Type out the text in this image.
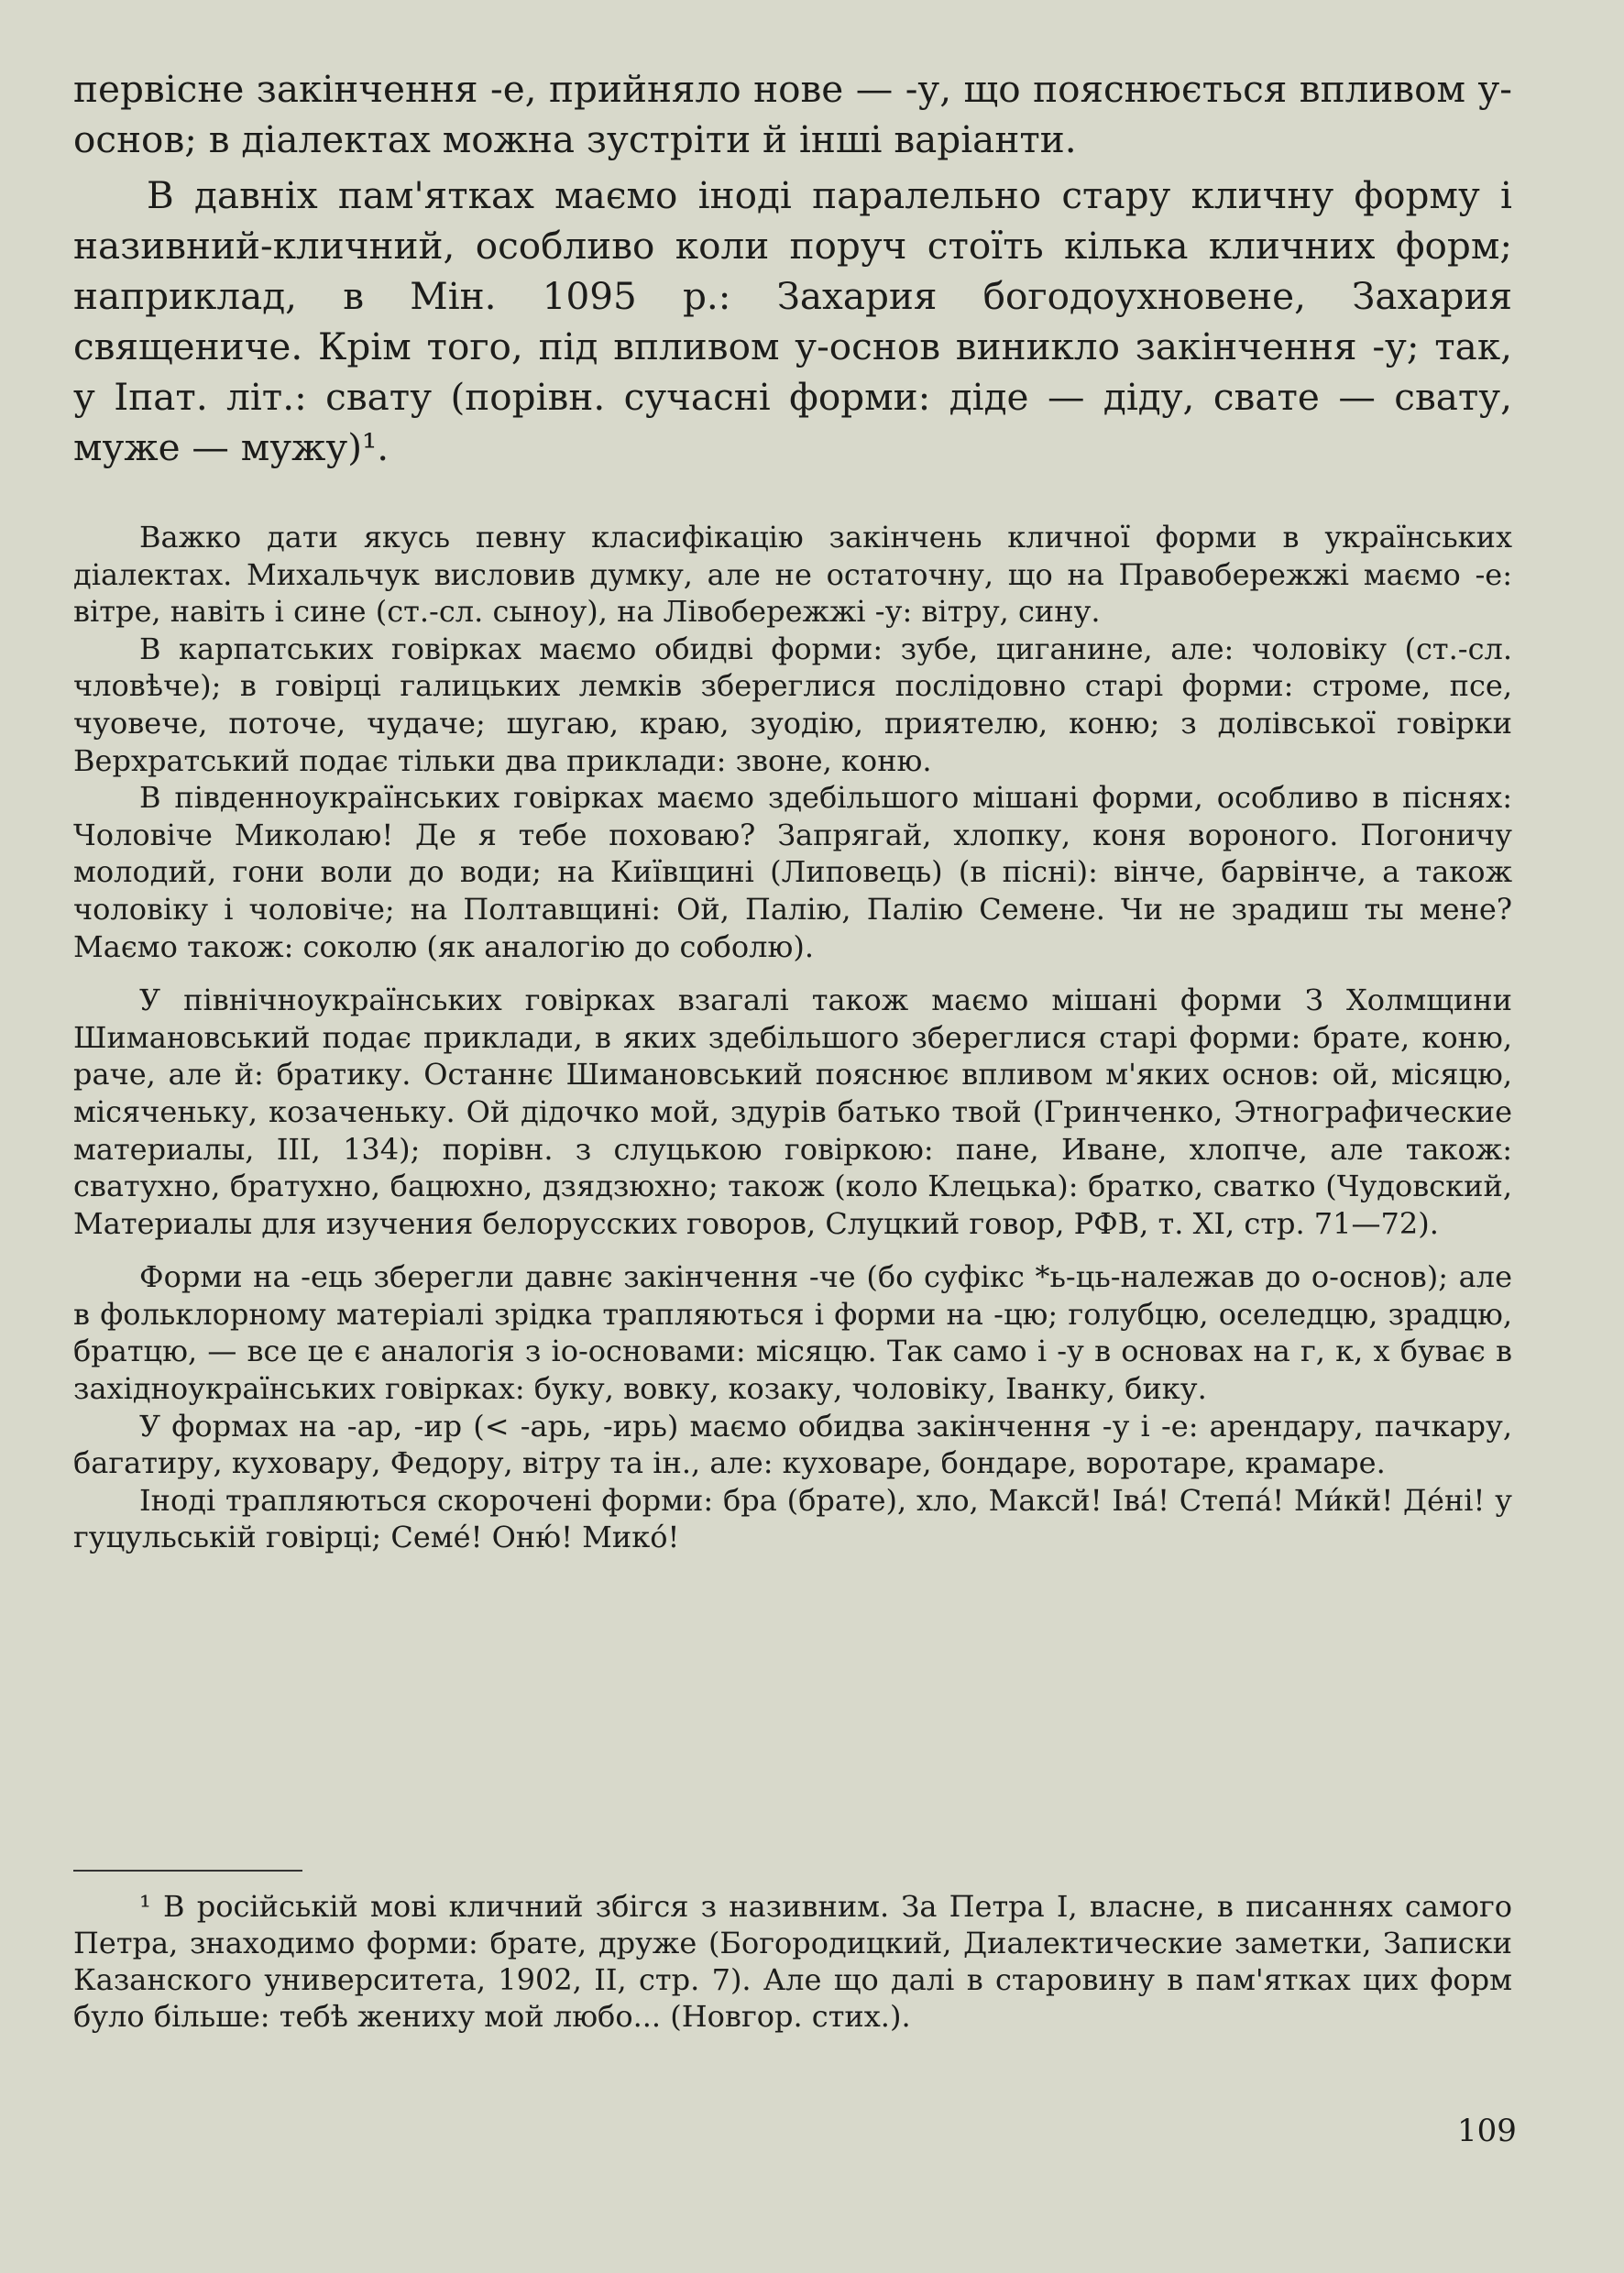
первісне закінчення -е, прийняло нове — -у, що пояснюється впливом у-основ; в діалектах можна зустріти й інші варіанти.

В давніх пам'ятках маємо іноді паралельно стару кличну форму і називний-кличний, особливо коли поруч стоїть кілька кличних форм; наприклад, в Мін. 1095 р.: Захария богодоухновене, Захария священиче. Крім того, під впливом у-основ виникло закінчення -у; так, у Іпат. літ.: свату (порівн. сучасні форми: діде — діду, свате — свату, муже — мужу)¹.

Важко дати якусь певну класифікацію закінчень кличної форми в українських діалектах. Михальчук висловив думку, але не остаточну, що на Правобережжі маємо -е: вітре, навіть і сине (ст.-сл. сыноу), на Лівобережжі -у: вітру, сину.

В карпатських говірках маємо обидві форми: зубе, циганине, але: чоловіку (ст.-сл. чловѣче); в говірці галицьких лемків збереглися послідовно старі форми: строме, псе, чуовече, поточе, чудаче; шугаю, краю, зуодію, приятелю, коню; з долівської говірки Верхратський подає тільки два приклади: звоне, коню.

В південноукраїнських говірках маємо здебільшого мішані форми, особливо в піснях: Чоловіче Миколаю! Де я тебе поховаю? Запрягай, хлопку, коня вороного. Погоничу молодий, гони воли до води; на Київщині (Липовець) (в пісні): вінче, барвінче, а також чоловіку і чоловіче; на Полтавщині: Ой, Палію, Палію Семене. Чи не зрадиш ты мене? Маємо також: соколю (як аналогію до соболю).

У північноукраїнських говірках взагалі також маємо мішані форми З Холмщини Шимановський подає приклади, в яких здебільшого збереглися старі форми: брате, коню, раче, але й: братику. Останнє Шимановський пояснює впливом м'яких основ: ой, місяцю, місяченьку, козаченьку. Ой дідочко мой, здурів батько твой (Гринченко, Этнографические материалы, III, 134); порівн. з слуцькою говіркою: пане, Иване, хлопче, але також: сватухно, братухно, бацюхно, дзядзюхно; також (коло Клецька): братко, сватко (Чудовский, Материалы для изучения белорусских говоров, Слуцкий говор, РФВ, т. XI, стр. 71—72).

Форми на -ець зберегли давнє закінчення -че (бо суфікс *ь-ць-належав до о-основ); але в фольклорному матеріалі зрідка трапляються і форми на -цю; голубцю, оселедцю, зрадцю, братцю, — все це є аналогія з іо-основами: місяцю. Так само і -у в основах на г, к, х буває в західноукраїнських говірках: буку, вовку, козаку, чоловіку, Іванку, бику.

У формах на -ар, -ир (< -арь, -ирь) маємо обидва закінчення -у і -е: арендару, пачкару, багатиру, куховару, Федору, вітру та ін., але: куховаре, бондаре, воротаре, крамаре.

Іноді трапляються скорочені форми: бра (брате), хло, Максй! Іва́! Степа́! Ми́кй! Де́ні! у гуцульській говірці; Семе́! Оню́! Мико́!

¹ В російській мові кличний збігся з називним. За Петра I, власне, в писаннях самого Петра, знаходимо форми: брате, друже (Богородицкий, Диалектические заметки, Записки Казанского университета, 1902, II, стр. 7). Але що далі в старовину в пам'ятках цих форм було більше: тебѣ жениху мой любо... (Новгор. стих.).

109
